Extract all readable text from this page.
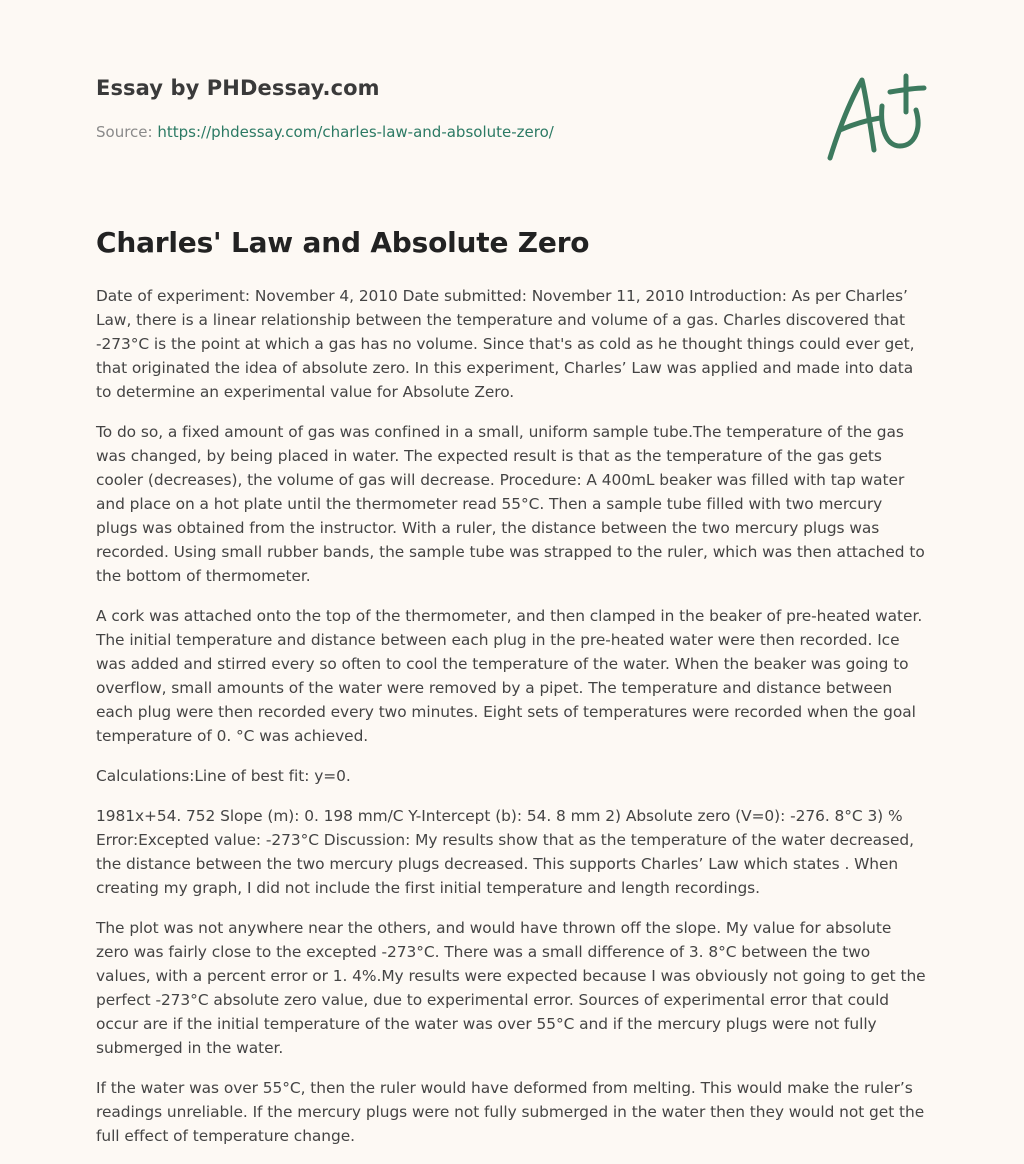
Essay by PHDessay.com

Source: https://phdessay.com/charles-law-and-absolute-zero/

Charles' Law and Absolute Zero

Date of experiment: November 4, 2010 Date submitted: November 11, 2010 Introduction: As per Charles’ Law, there is a linear relationship between the temperature and volume of a gas. Charles discovered that -273°C is the point at which a gas has no volume. Since that's as cold as he thought things could ever get, that originated the idea of absolute zero. In this experiment, Charles’ Law was applied and made into data to determine an experimental value for Absolute Zero.

To do so, a fixed amount of gas was confined in a small, uniform sample tube.The temperature of the gas was changed, by being placed in water. The expected result is that as the temperature of the gas gets cooler (decreases), the volume of gas will decrease. Procedure: A 400mL beaker was filled with tap water and place on a hot plate until the thermometer read 55°C. Then a sample tube filled with two mercury plugs was obtained from the instructor. With a ruler, the distance between the two mercury plugs was recorded. Using small rubber bands, the sample tube was strapped to the ruler, which was then attached to the bottom of thermometer.

A cork was attached onto the top of the thermometer, and then clamped in the beaker of pre-heated water. The initial temperature and distance between each plug in the pre-heated water were then recorded. Ice was added and stirred every so often to cool the temperature of the water. When the beaker was going to overflow, small amounts of the water were removed by a pipet. The temperature and distance between each plug were then recorded every two minutes. Eight sets of temperatures were recorded when the goal temperature of 0. °C was achieved.

Calculations:Line of best fit: y=0.

1981x+54. 752 Slope (m): 0. 198 mm/C Y-Intercept (b): 54. 8 mm 2) Absolute zero (V=0): -276. 8°C 3) % Error:Excepted value: -273°C Discussion: My results show that as the temperature of the water decreased, the distance between the two mercury plugs decreased. This supports Charles’ Law which states . When creating my graph, I did not include the first initial temperature and length recordings.

The plot was not anywhere near the others, and would have thrown off the slope. My value for absolute zero was fairly close to the excepted -273°C. There was a small difference of 3. 8°C between the two values, with a percent error or 1. 4%.My results were expected because I was obviously not going to get the perfect -273°C absolute zero value, due to experimental error. Sources of experimental error that could occur are if the initial temperature of the water was over 55°C and if the mercury plugs were not fully submerged in the water.

If the water was over 55°C, then the ruler would have deformed from melting. This would make the ruler’s readings unreliable. If the mercury plugs were not fully submerged in the water then they would not get the full effect of temperature change.
